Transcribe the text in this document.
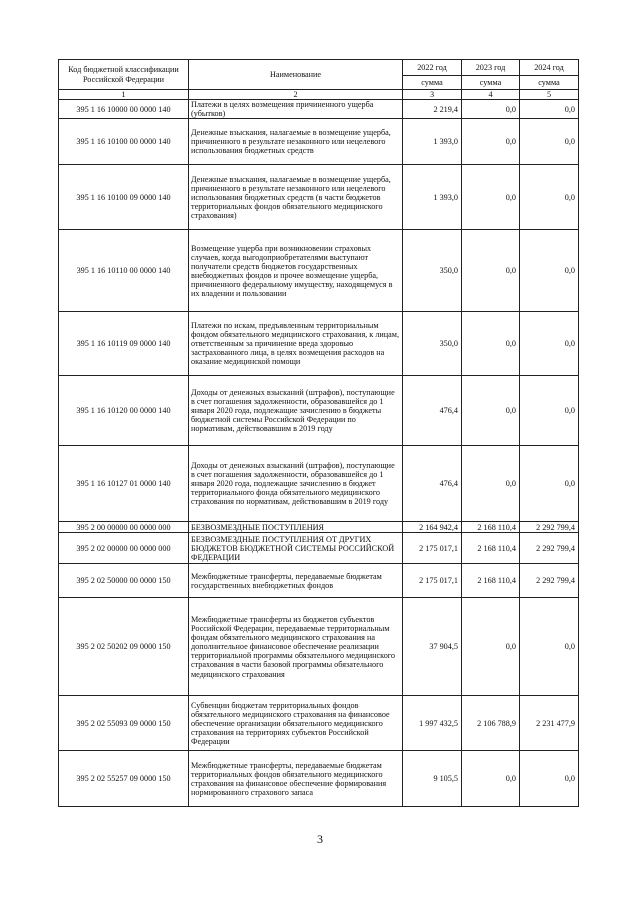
Код бюджетной классификации Российской Федерации	Наименование	2022 год	2023 год	2024 год
		сумма	сумма	сумма
1	2	3	4	5
395 1 16 10000 00 0000 140	Платежи в целях возмещения причиненного ущерба (убытков)	2 219,4	0,0	0,0
395 1 16 10100 00 0000 140	Денежные взыскания, налагаемые в возмещение ущерба, причиненного в результате незаконного или нецелевого использования бюджетных средств	1 393,0	0,0	0,0
395 1 16 10100 09 0000 140	Денежные взыскания, налагаемые в возмещение ущерба, причиненного в результате незаконного или нецелевого использования бюджетных средств (в части бюджетов территориальных фондов обязательного медицинского страхования)	1 393,0	0,0	0,0
395 1 16 10110 00 0000 140	Возмещение ущерба при возникновении страховых случаев, когда выгодоприобретателями выступают получатели средств бюджетов государственных внебюджетных фондов и прочее возмещение ущерба, причиненного федеральному имуществу, находящемуся в их владении и пользовании	350,0	0,0	0,0
395 1 16 10119 09 0000 140	Платежи по искам, предъявленным территориальным фондом обязательного медицинского страхования, к лицам, ответственным за причинение вреда здоровью застрахованного лица, в целях возмещения расходов на оказание медицинской помощи	350,0	0,0	0,0
395 1 16 10120 00 0000 140	Доходы от денежных взысканий (штрафов), поступающие в счет погашения задолженности, образовавшейся до 1 января 2020 года, подлежащие зачислению в бюджеты бюджетной системы Российской Федерации по нормативам, действовавшим в 2019 году	476,4	0,0	0,0
395 1 16 10127 01 0000 140	Доходы от денежных взысканий (штрафов), поступающие в счет погашения задолженности, образовавшейся до 1 января 2020 года, подлежащие зачислению в бюджет территориального фонда обязательного медицинского страхования по нормативам, действовавшим в 2019 году	476,4	0,0	0,0
395 2 00 00000 00 0000 000	БЕЗВОЗМЕЗДНЫЕ ПОСТУПЛЕНИЯ	2 164 942,4	2 168 110,4	2 292 799,4
395 2 02 00000 00 0000 000	БЕЗВОЗМЕЗДНЫЕ ПОСТУПЛЕНИЯ ОТ ДРУГИХ БЮДЖЕТОВ БЮДЖЕТНОЙ СИСТЕМЫ РОССИЙСКОЙ ФЕДЕРАЦИИ	2 175 017,1	2 168 110,4	2 292 799,4
395 2 02 50000 00 0000 150	Межбюджетные трансферты, передаваемые бюджетам государственных внебюджетных фондов	2 175 017,1	2 168 110,4	2 292 799,4
395 2 02 50202 09 0000 150	Межбюджетные трансферты из бюджетов субъектов Российской Федерации, передаваемые территориальным фондам обязательного медицинского страхования на дополнительное финансовое обеспечение реализации территориальной программы обязательного медицинского страхования в части базовой программы обязательного медицинского страхования	37 904,5	0,0	0,0
395 2 02 55093 09 0000 150	Субвенции бюджетам территориальных фондов обязательного медицинского страхования на финансовое обеспечение организации обязательного медицинского страхования на территориях субъектов Российской Федерации	1 997 432,5	2 106 788,9	2 231 477,9
395 2 02 55257 09 0000 150	Межбюджетные трансферты, передаваемые бюджетам территориальных фондов обязательного медицинского страхования на финансовое обеспечение формирования нормированного страхового запаса	9 105,5	0,0	0,0
3
